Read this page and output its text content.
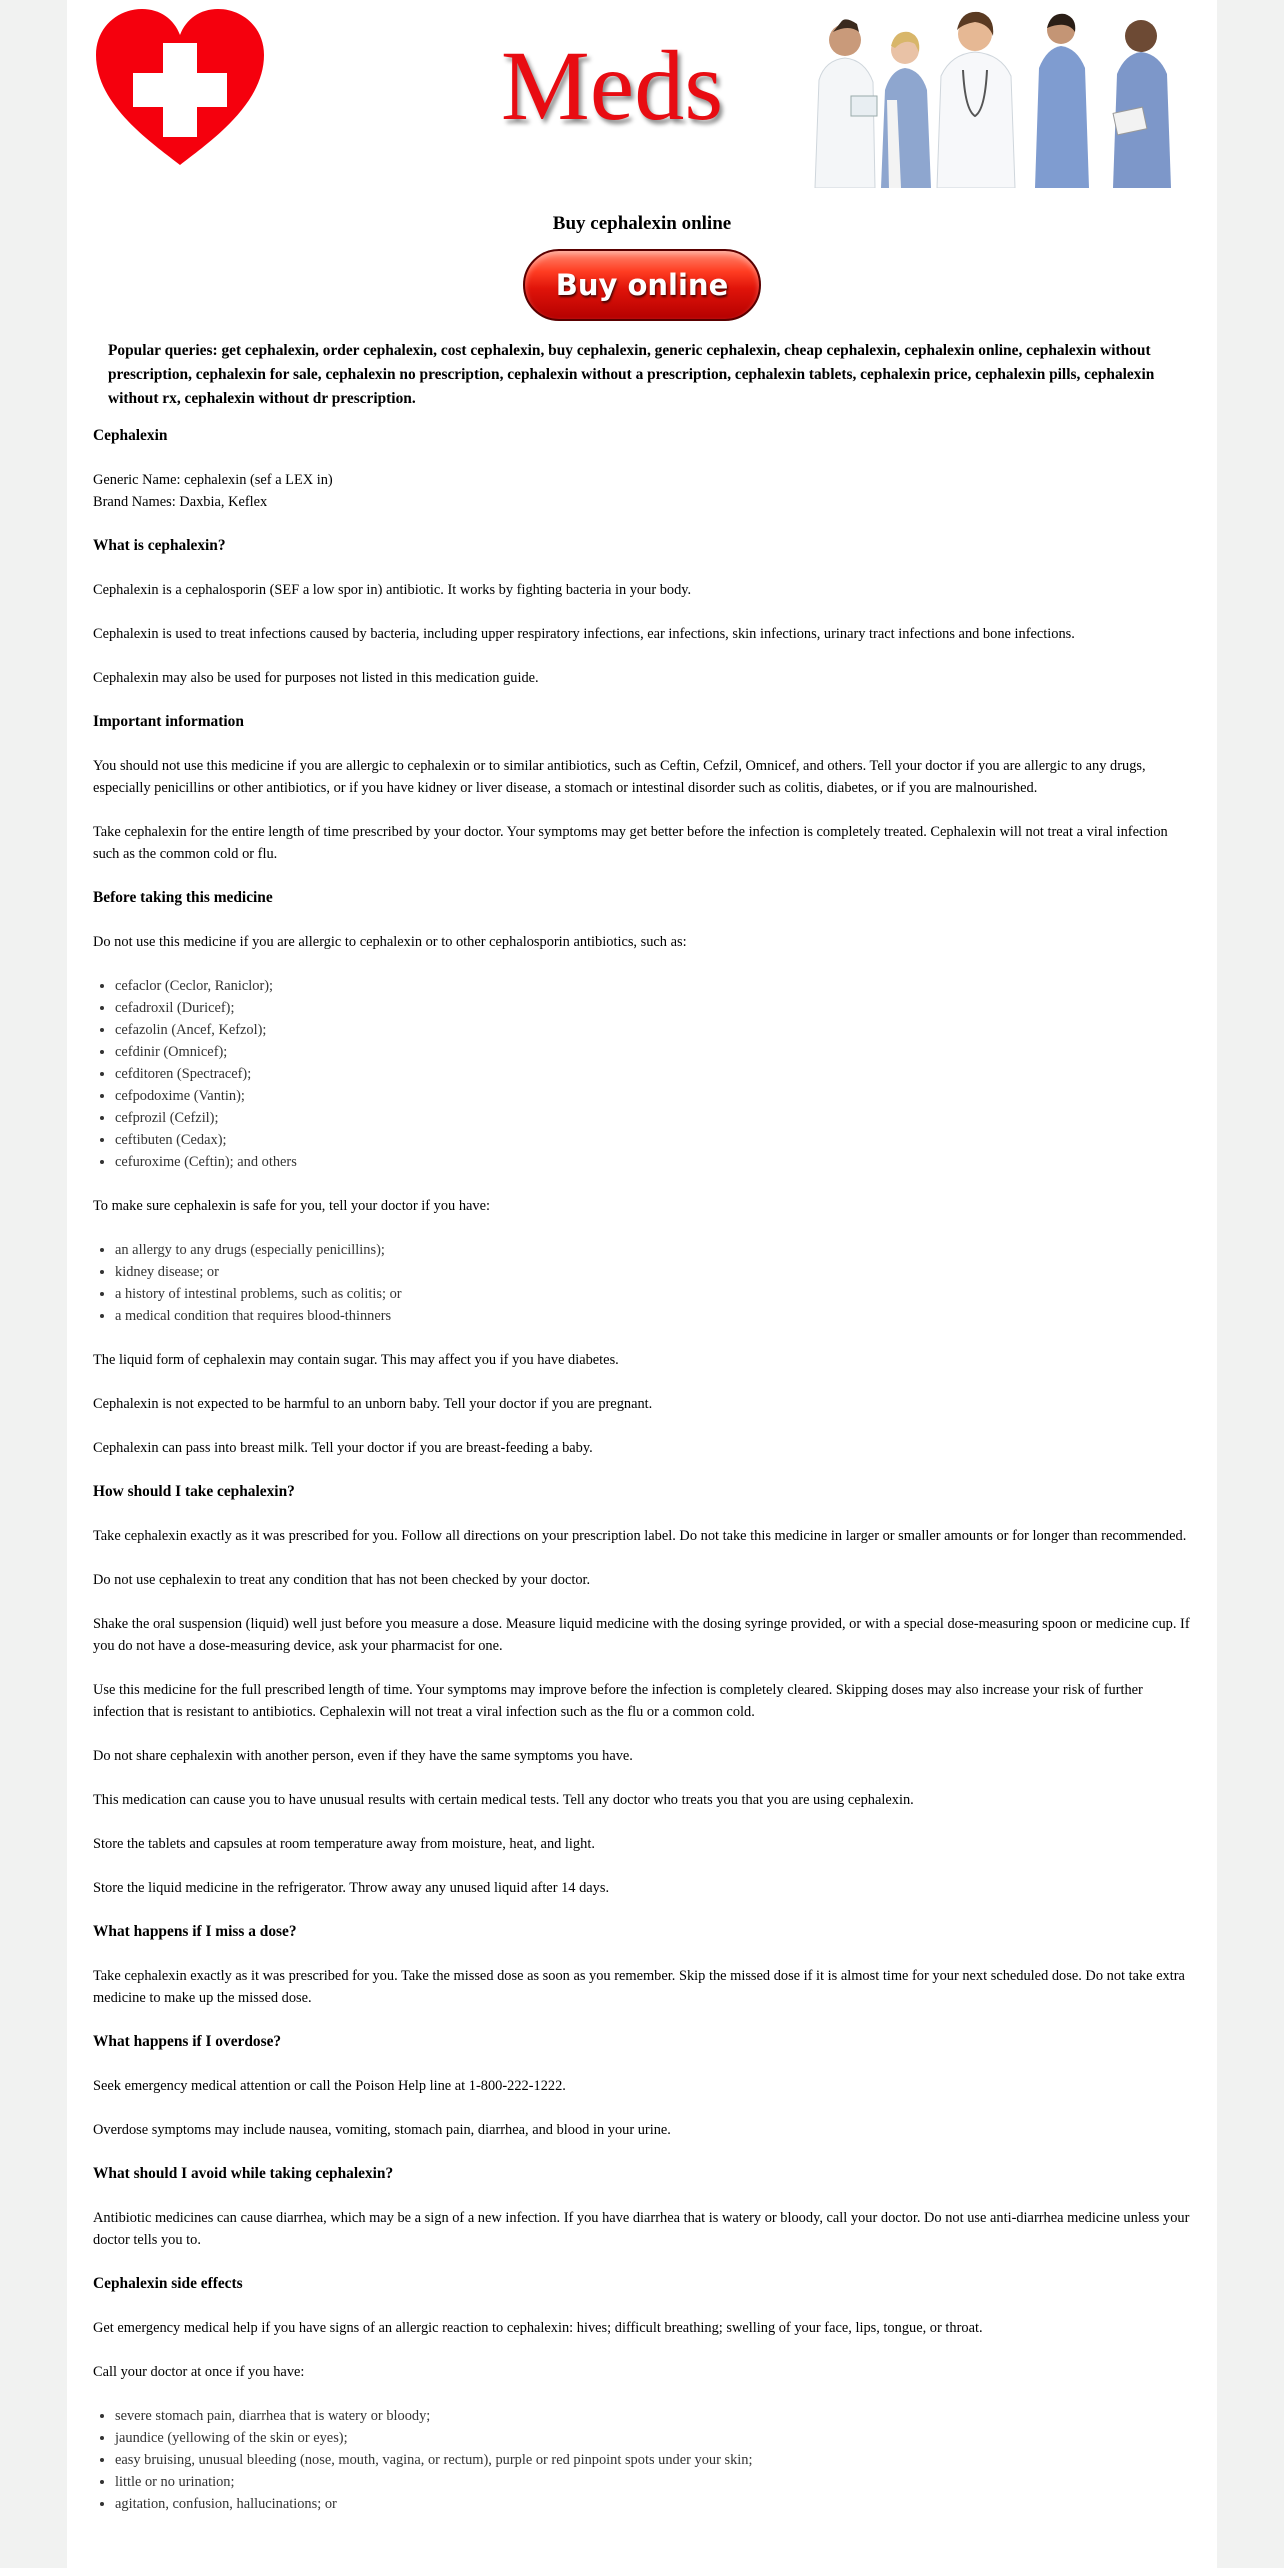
Meds
Buy cephalexin online
Buy online
Popular queries: get cephalexin, order cephalexin, cost cephalexin, buy cephalexin, generic cephalexin, cheap cephalexin, cephalexin online, cephalexin without prescription, cephalexin for sale, cephalexin no prescription, cephalexin without a prescription, cephalexin tablets, cephalexin price, cephalexin pills, cephalexin without rx, cephalexin without dr prescription.
Cephalexin

Generic Name: cephalexin (sef a LEX in)

Brand Names: Daxbia, Keflex

What is cephalexin?

Cephalexin is a cephalosporin (SEF a low spor in) antibiotic. It works by fighting bacteria in your body.

Cephalexin is used to treat infections caused by bacteria, including upper respiratory infections, ear infections, skin infections, urinary tract infections and bone infections.

Cephalexin may also be used for purposes not listed in this medication guide.

Important information

You should not use this medicine if you are allergic to cephalexin or to similar antibiotics, such as Ceftin, Cefzil, Omnicef, and others. Tell your doctor if you are allergic to any drugs, especially penicillins or other antibiotics, or if you have kidney or liver disease, a stomach or intestinal disorder such as colitis, diabetes, or if you are malnourished.

Take cephalexin for the entire length of time prescribed by your doctor. Your symptoms may get better before the infection is completely treated. Cephalexin will not treat a viral infection such as the common cold or flu.

Before taking this medicine

Do not use this medicine if you are allergic to cephalexin or to other cephalosporin antibiotics, such as:

• cefaclor (Ceclor, Raniclor);
• cefadroxil (Duricef);
• cefazolin (Ancef, Kefzol);
• cefdinir (Omnicef);
• cefditoren (Spectracef);
• cefpodoxime (Vantin);
• cefprozil (Cefzil);
• ceftibuten (Cedax);
• cefuroxime (Ceftin); and others

To make sure cephalexin is safe for you, tell your doctor if you have:

• an allergy to any drugs (especially penicillins);
• kidney disease; or
• a history of intestinal problems, such as colitis; or
• a medical condition that requires blood-thinners

The liquid form of cephalexin may contain sugar. This may affect you if you have diabetes.

Cephalexin is not expected to be harmful to an unborn baby. Tell your doctor if you are pregnant.

Cephalexin can pass into breast milk. Tell your doctor if you are breast-feeding a baby.

How should I take cephalexin?

Take cephalexin exactly as it was prescribed for you. Follow all directions on your prescription label. Do not take this medicine in larger or smaller amounts or for longer than recommended.

Do not use cephalexin to treat any condition that has not been checked by your doctor.

Shake the oral suspension (liquid) well just before you measure a dose. Measure liquid medicine with the dosing syringe provided, or with a special dose-measuring spoon or medicine cup. If you do not have a dose-measuring device, ask your pharmacist for one.

Use this medicine for the full prescribed length of time. Your symptoms may improve before the infection is completely cleared. Skipping doses may also increase your risk of further infection that is resistant to antibiotics. Cephalexin will not treat a viral infection such as the flu or a common cold.

Do not share cephalexin with another person, even if they have the same symptoms you have.

This medication can cause you to have unusual results with certain medical tests. Tell any doctor who treats you that you are using cephalexin.

Store the tablets and capsules at room temperature away from moisture, heat, and light.

Store the liquid medicine in the refrigerator. Throw away any unused liquid after 14 days.

What happens if I miss a dose?

Take cephalexin exactly as it was prescribed for you. Take the missed dose as soon as you remember. Skip the missed dose if it is almost time for your next scheduled dose. Do not take extra medicine to make up the missed dose.

What happens if I overdose?

Seek emergency medical attention or call the Poison Help line at 1-800-222-1222.

Overdose symptoms may include nausea, vomiting, stomach pain, diarrhea, and blood in your urine.

What should I avoid while taking cephalexin?

Antibiotic medicines can cause diarrhea, which may be a sign of a new infection. If you have diarrhea that is watery or bloody, call your doctor. Do not use anti-diarrhea medicine unless your doctor tells you to.

Cephalexin side effects

Get emergency medical help if you have signs of an allergic reaction to cephalexin: hives; difficult breathing; swelling of your face, lips, tongue, or throat.

Call your doctor at once if you have:

• severe stomach pain, diarrhea that is watery or bloody;
• jaundice (yellowing of the skin or eyes);
• easy bruising, unusual bleeding (nose, mouth, vagina, or rectum), purple or red pinpoint spots under your skin;
• little or no urination;
• agitation, confusion, hallucinations; or
